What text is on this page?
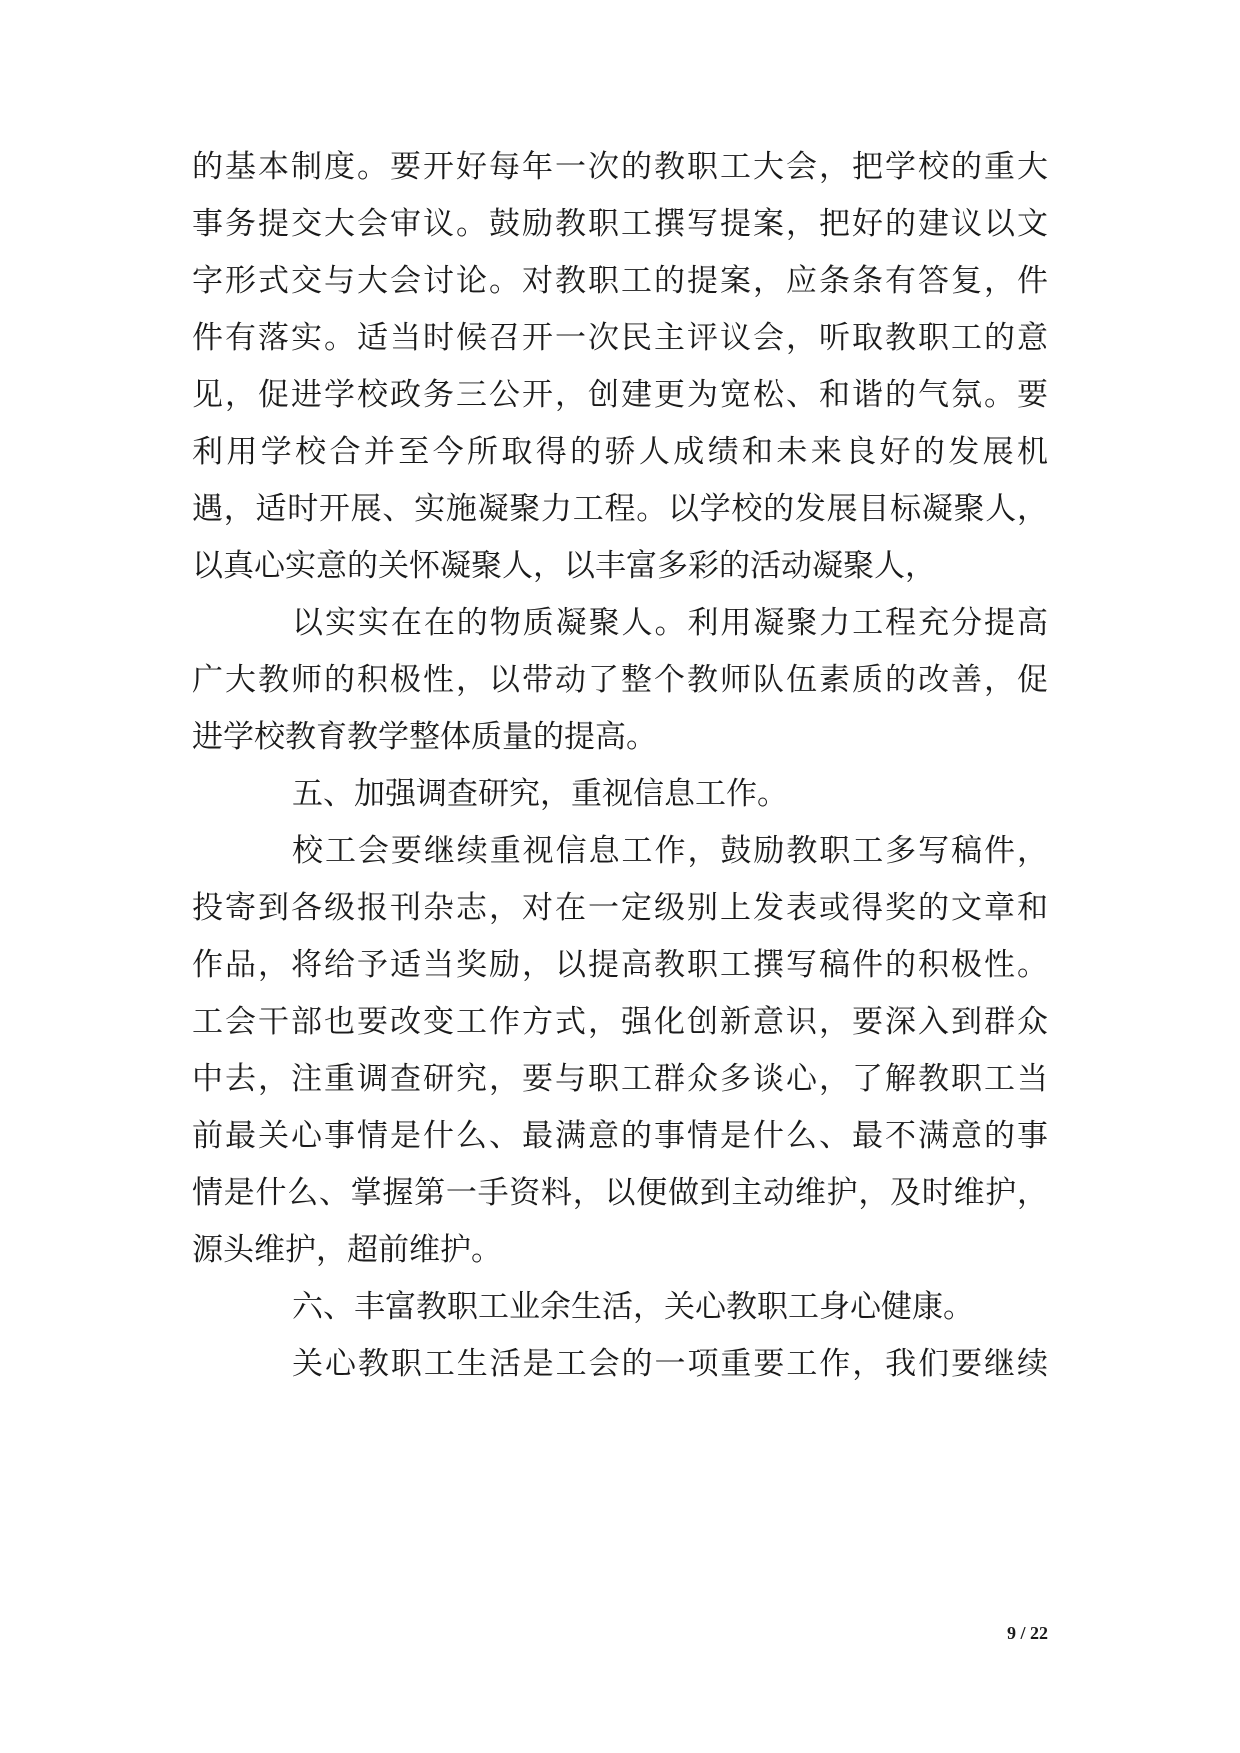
的基本制度。要开好每年一次的教职工大会，把学校的重大
事务提交大会审议。鼓励教职工撰写提案，把好的建议以文
字形式交与大会讨论。对教职工的提案，应条条有答复，件
件有落实。适当时候召开一次民主评议会，听取教职工的意
见，促进学校政务三公开，创建更为宽松、和谐的气氛。要
利用学校合并至今所取得的骄人成绩和未来良好的发展机
遇，适时开展、实施凝聚力工程。以学校的发展目标凝聚人，
以真心实意的关怀凝聚人，以丰富多彩的活动凝聚人，
以实实在在的物质凝聚人。利用凝聚力工程充分提高
广大教师的积极性，以带动了整个教师队伍素质的改善，促
进学校教育教学整体质量的提高。
五、加强调查研究，重视信息工作。
校工会要继续重视信息工作，鼓励教职工多写稿件，
投寄到各级报刊杂志，对在一定级别上发表或得奖的文章和
作品，将给予适当奖励，以提高教职工撰写稿件的积极性。
工会干部也要改变工作方式，强化创新意识，要深入到群众
中去，注重调查研究，要与职工群众多谈心，了解教职工当
前最关心事情是什么、最满意的事情是什么、最不满意的事
情是什么、掌握第一手资料，以便做到主动维护，及时维护，
源头维护，超前维护。
六、丰富教职工业余生活，关心教职工身心健康。
关心教职工生活是工会的一项重要工作，我们要继续
9 / 22
